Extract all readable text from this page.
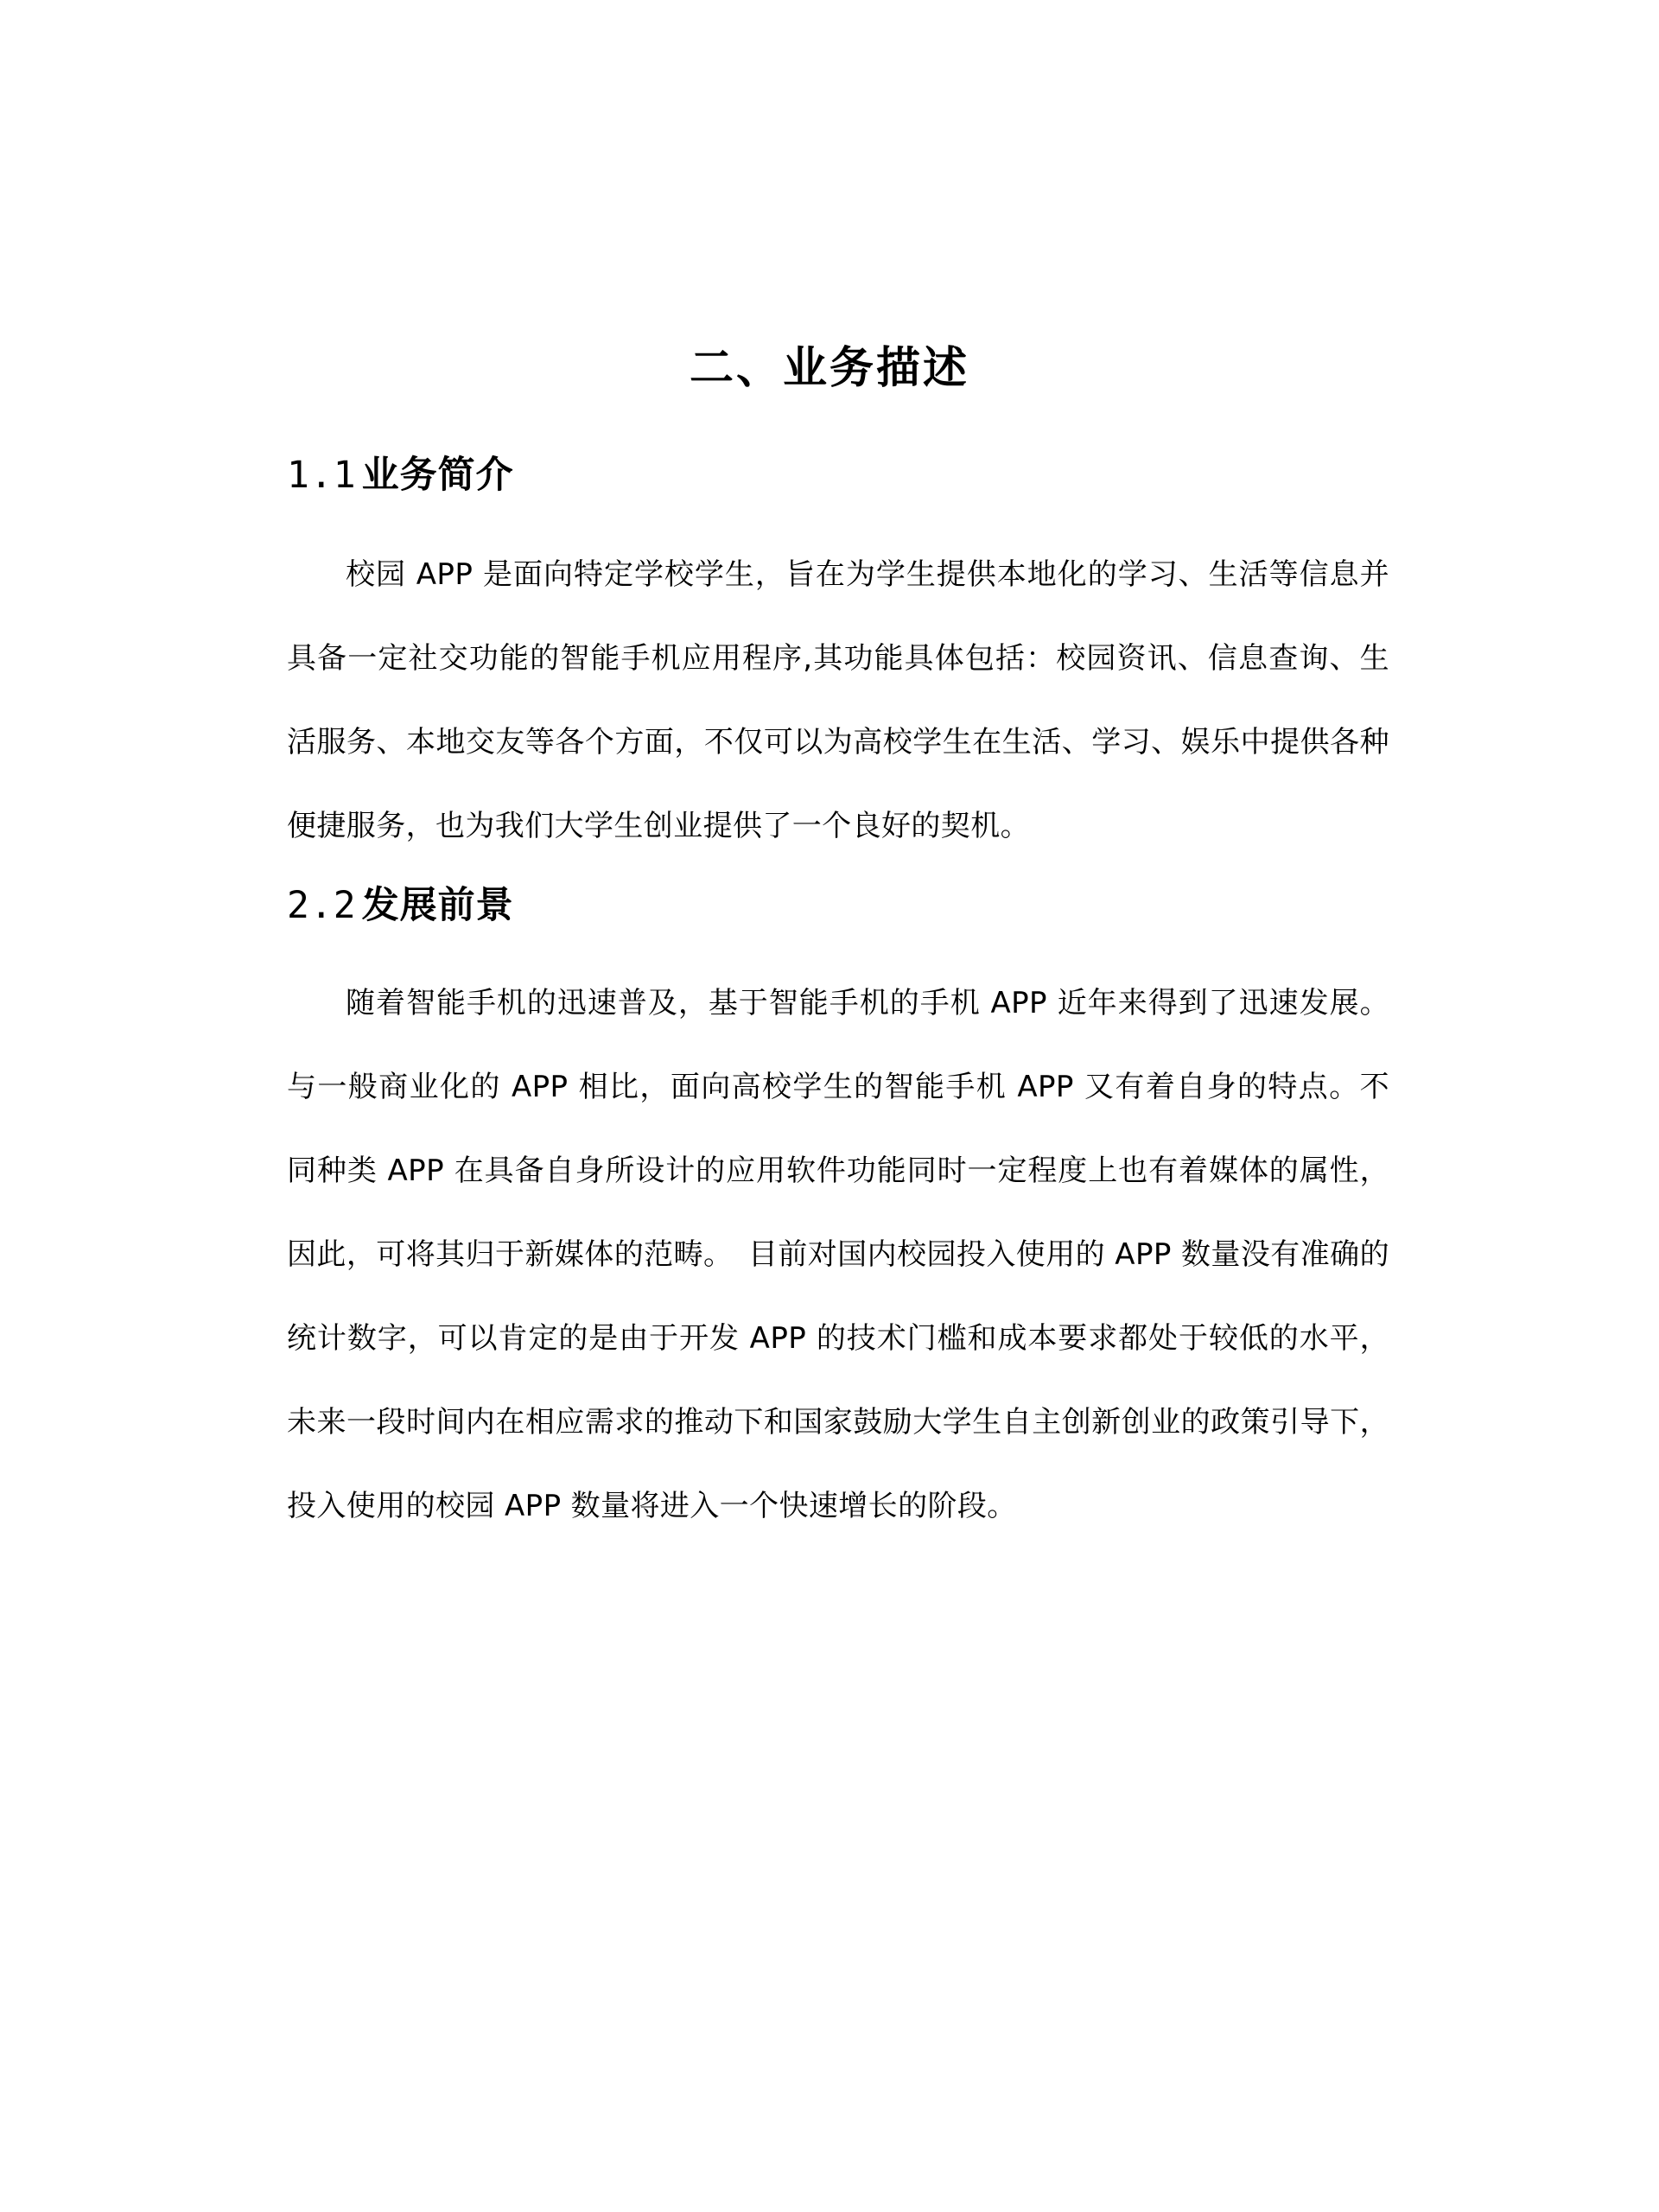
二、业务描述
1.1 业务简介

校园 APP 是面向特定学校学生，旨在为学生提供本地化的学习、生活等信息并具备一定社交功能的智能手机应用程序,其功能具体包括：校园资讯、信息查询、生活服务、本地交友等各个方面，不仅可以为高校学生在生活、学习、娱乐中提供各种便捷服务，也为我们大学生创业提供了一个良好的契机。

2.2 发展前景

随着智能手机的迅速普及，基于智能手机的手机 APP 近年来得到了迅速发展。与一般商业化的 APP 相比，面向高校学生的智能手机 APP 又有着自身的特点。不同种类 APP 在具备自身所设计的应用软件功能同时一定程度上也有着媒体的属性，因此，可将其归于新媒体的范畴。　目前对国内校园投入使用的 APP 数量没有准确的统计数字，可以肯定的是由于开发 APP 的技术门槛和成本要求都处于较低的水平，未来一段时间内在相应需求的推动下和国家鼓励大学生自主创新创业的政策引导下，投入使用的校园 APP 数量将进入一个快速增长的阶段。
